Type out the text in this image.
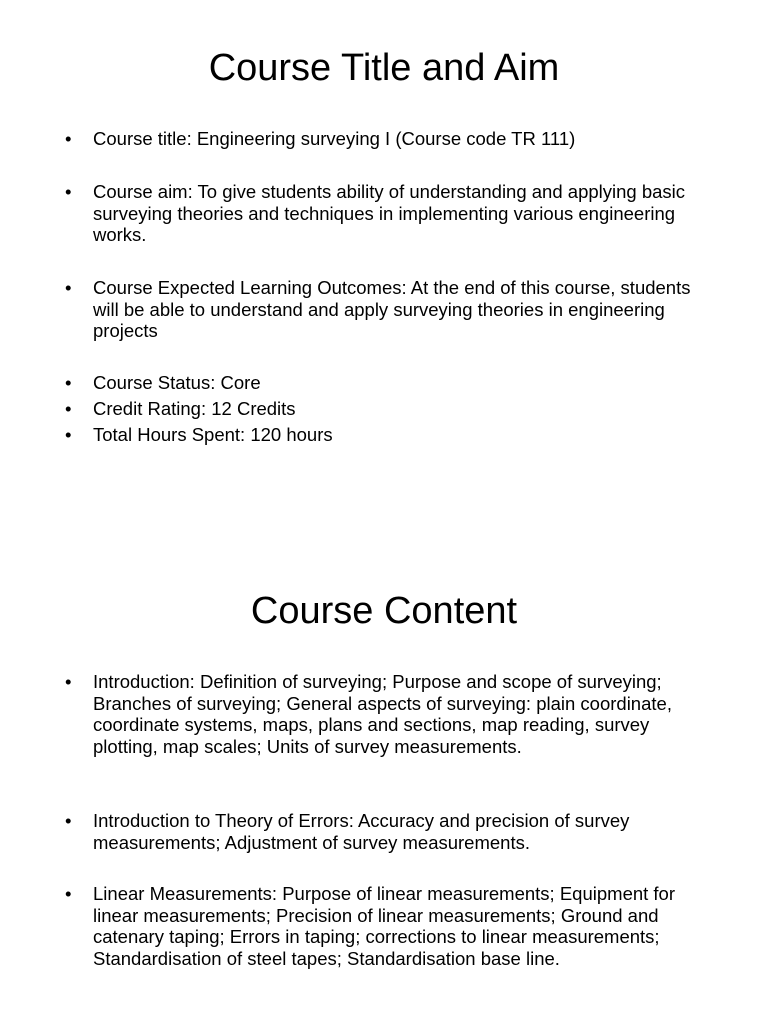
Course Title and Aim
• Course title: Engineering surveying I (Course code TR 111)
• Course aim: To give students ability of understanding and applying basic surveying theories and techniques in implementing various engineering works.
• Course Expected Learning Outcomes: At the end of this course, students will be able to understand and apply surveying theories in engineering projects
• Course Status: Core
• Credit Rating: 12 Credits
• Total Hours Spent: 120 hours
Course Content
• Introduction: Definition of surveying; Purpose and scope of surveying; Branches of surveying; General aspects of surveying: plain coordinate, coordinate systems, maps, plans and sections, map reading, survey plotting, map scales; Units of survey measurements.
• Introduction to Theory of Errors: Accuracy and precision of survey measurements; Adjustment of survey measurements.
• Linear Measurements: Purpose of linear measurements; Equipment for linear measurements; Precision of linear measurements; Ground and catenary taping; Errors in taping; corrections to linear measurements; Standardisation of steel tapes; Standardisation base line.
